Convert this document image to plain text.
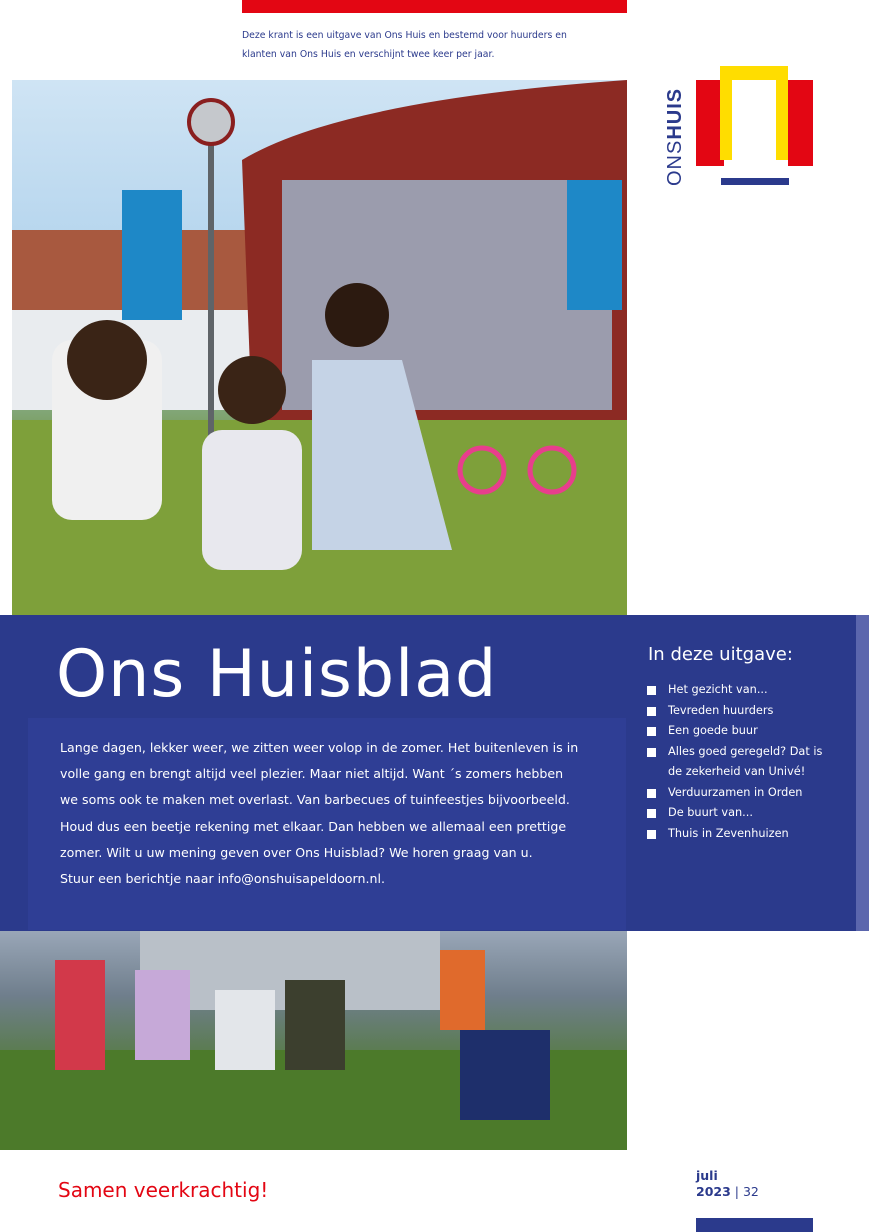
Deze krant is een uitgave van Ons Huis en bestemd voor huurders en
klanten van Ons Huis en verschijnt twee keer per jaar.
ONSHUIS
Ons Huisblad
Lange dagen, lekker weer, we zitten weer volop in de zomer. Het buitenleven is in
volle gang en brengt altijd veel plezier. Maar niet altijd. Want ´s zomers hebben
we soms ook te maken met overlast. Van barbecues of tuinfeestjes bijvoorbeeld.
Houd dus een beetje rekening met elkaar. Dan hebben we allemaal een prettige
zomer. Wilt u uw mening geven over Ons Huisblad? We horen graag van u.
Stuur een berichtje naar info@onshuisapeldoorn.nl.
In deze uitgave:
Het gezicht van...
Tevreden huurders
Een goede buur
Alles goed geregeld? Dat is
de zekerheid van Univé!
Verduurzamen in Orden
De buurt van...
Thuis in Zevenhuizen
Samen veerkrachtig!
juli
2023 | 32
